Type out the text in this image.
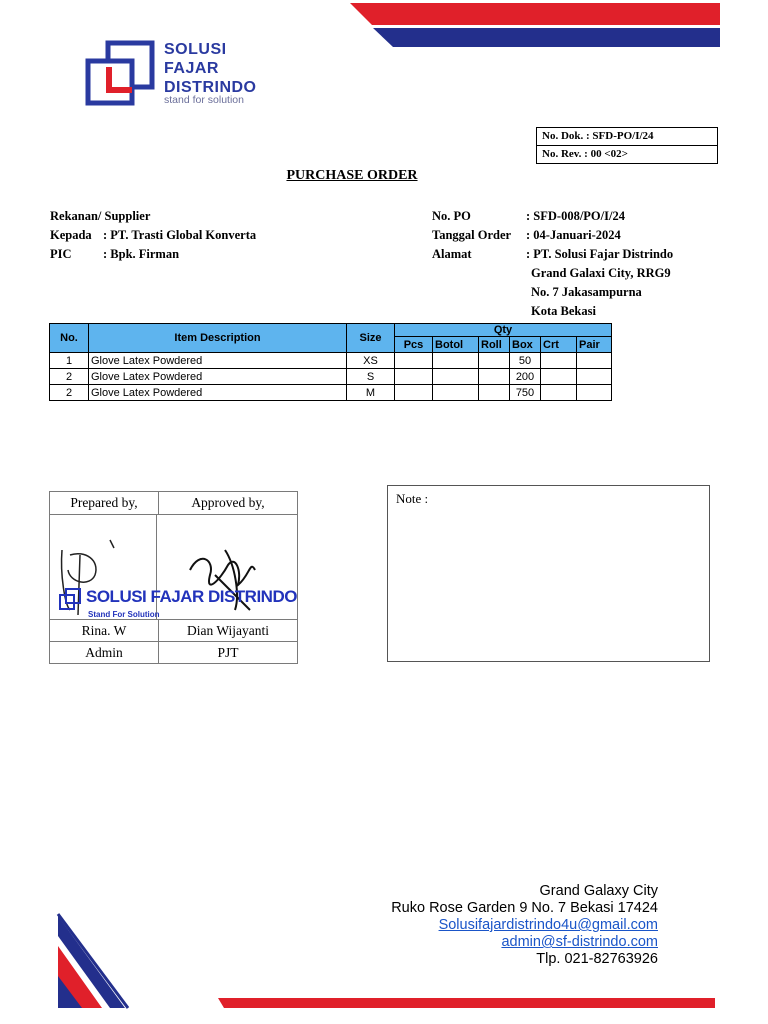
SOLUSI
FAJAR
DISTRINDO
stand for solution
No. Dok. : SFD-PO/I/24
No. Rev. : 00 <02>
PURCHASE ORDER
Rekanan/ Supplier
Kepada : PT. Trasti Global Konverta
PIC	: Bpk. Firman
No. PO	: SFD-008/PO/I/24
Tanggal Order : 04-Januari-2024
Alamat	: PT. Solusi Fajar Distrindo
Grand Galaxi City, RRG9
No. 7 Jakasampurna
Kota Bekasi
No.	Item Description	Size	Qty					
			Pcs	Botol	Roll	Box	Crt	Pair
1	Glove Latex Powdered	XS				50		
2	Glove Latex Powdered	S				200		
2	Glove Latex Powdered	M				750		
Prepared by,	Approved by,

SOLUSI FAJAR DISTRINDO
Stand For Solution	

Rina. W	Dian Wijayanti
Admin	PJT
Note :
Grand Galaxy City
Ruko Rose Garden 9 No. 7 Bekasi 17424
Solusifajardistrindo4u@gmail.com
admin@sf-distrindo.com
Tlp. 021-82763926
